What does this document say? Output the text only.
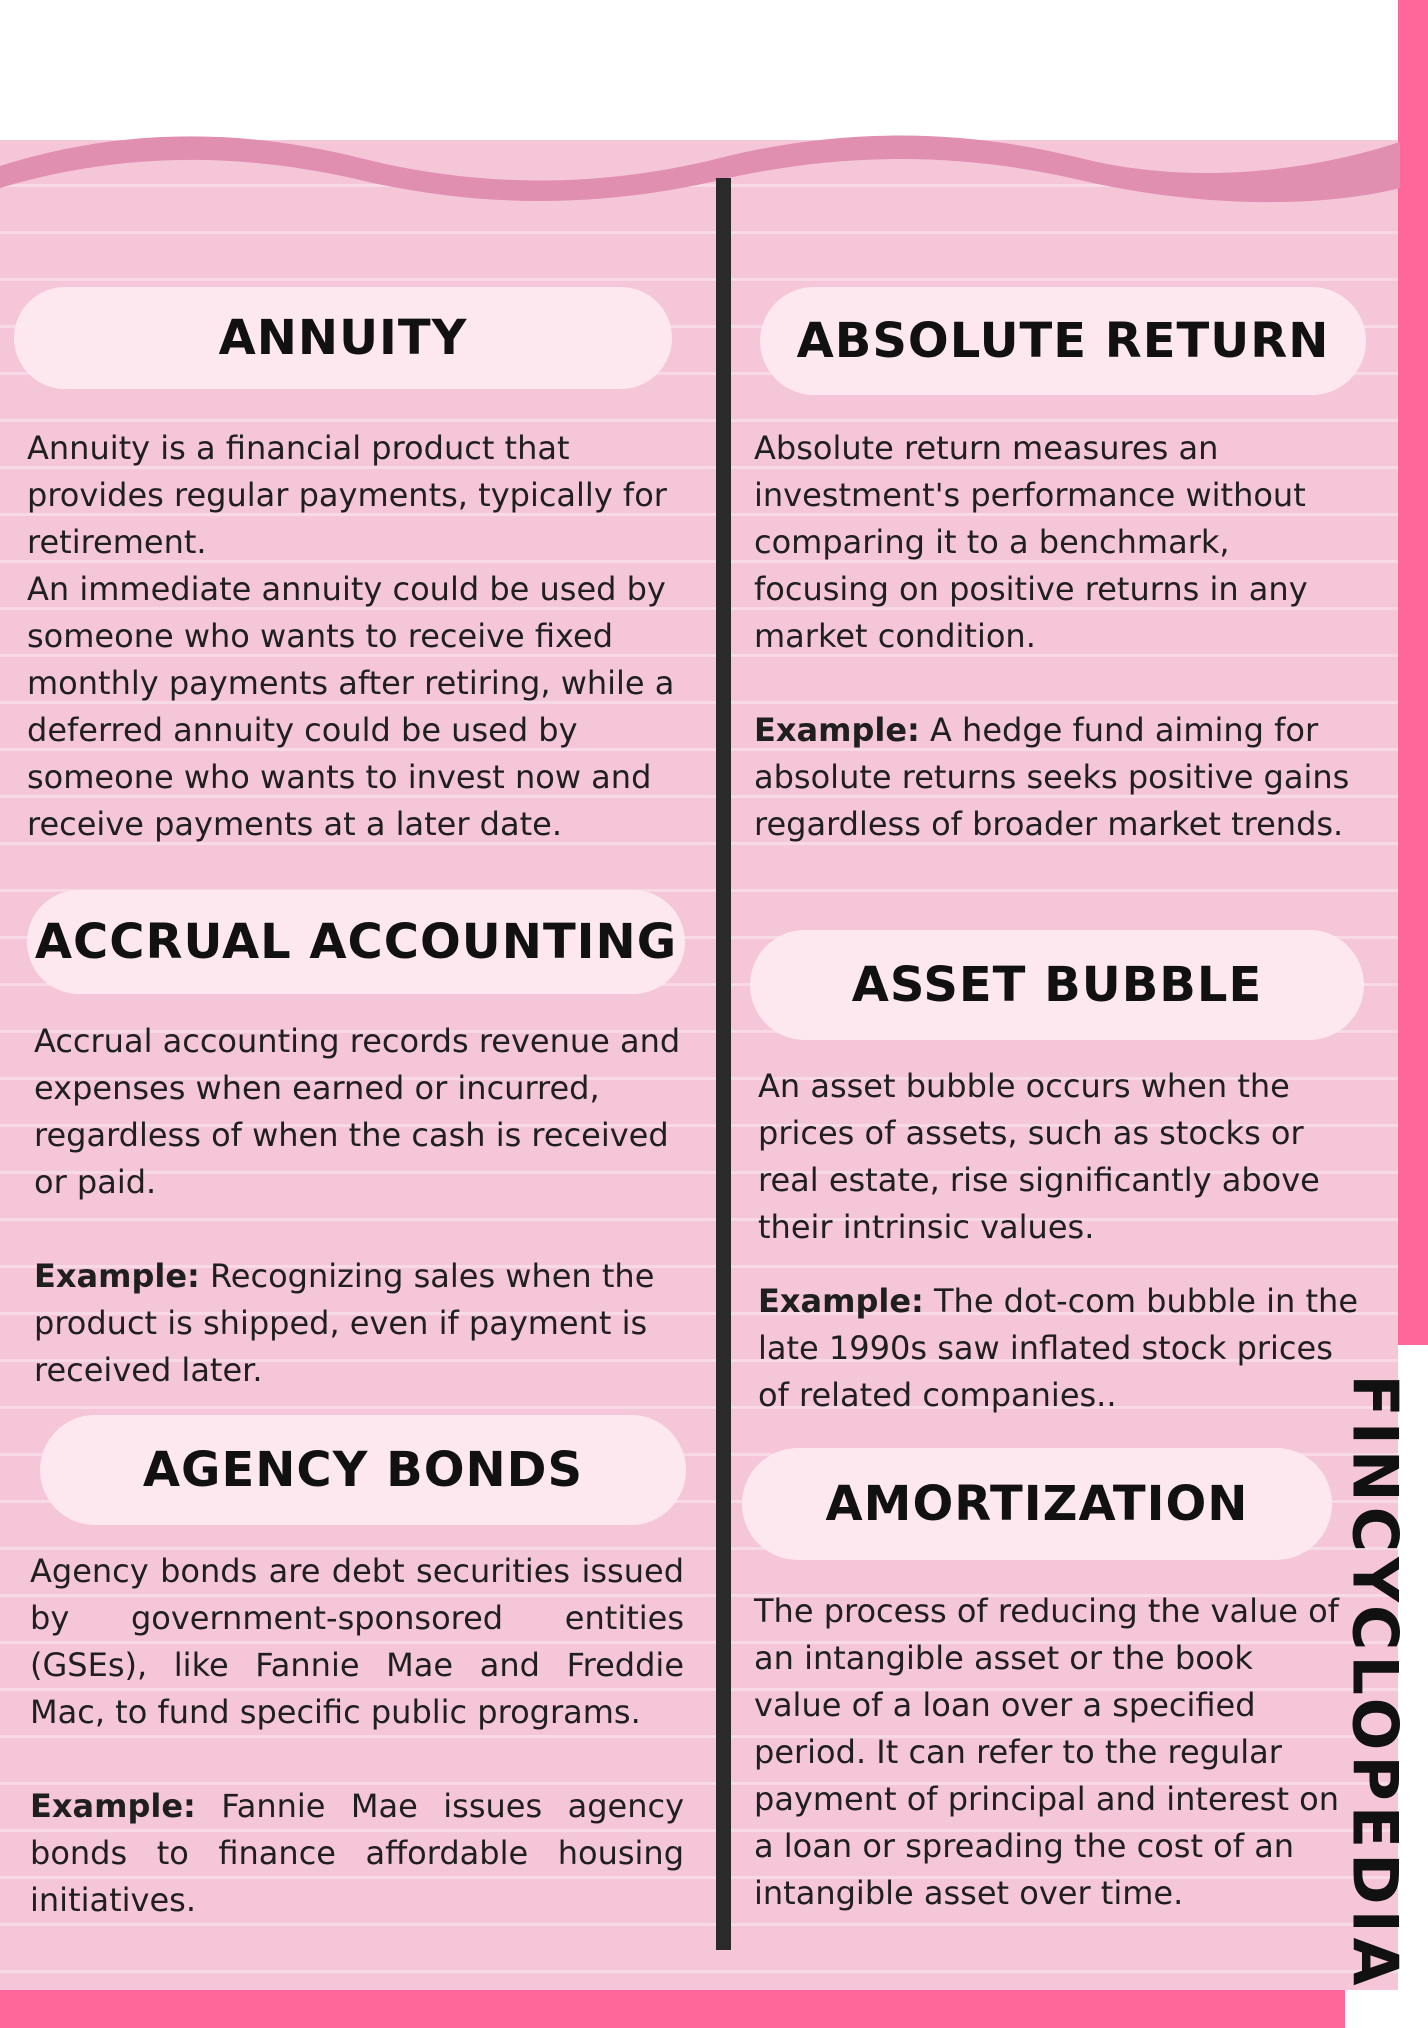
ANNUITY

Annuity is a financial product that provides regular payments, typically for retirement.

An immediate annuity could be used by someone who wants to receive fixed monthly payments after retiring, while a deferred annuity could be used by someone who wants to invest now and receive payments at a later date.

ACCRUAL ACCOUNTING

Accrual accounting records revenue and expenses when earned or incurred, regardless of when the cash is received or paid.

Example: Recognizing sales when the product is shipped, even if payment is received later.

AGENCY BONDS

Agency bonds are debt securities issued by government-sponsored entities (GSEs), like Fannie Mae and Freddie Mac, to fund specific public programs.

Example: Fannie Mae issues agency bonds to finance affordable housing initiatives.

ABSOLUTE RETURN

Absolute return measures an investment's performance without comparing it to a benchmark, focusing on positive returns in any market condition.

Example: A hedge fund aiming for absolute returns seeks positive gains regardless of broader market trends.

ASSET BUBBLE

An asset bubble occurs when the prices of assets, such as stocks or real estate, rise significantly above their intrinsic values.

Example: The dot-com bubble in the late 1990s saw inflated stock prices of related companies..

AMORTIZATION

The process of reducing the value of an intangible asset or the book value of a loan over a specified period. It can refer to the regular payment of principal and interest on a loan or spreading the cost of an intangible asset over time.	FINCYCLOPEDIA
